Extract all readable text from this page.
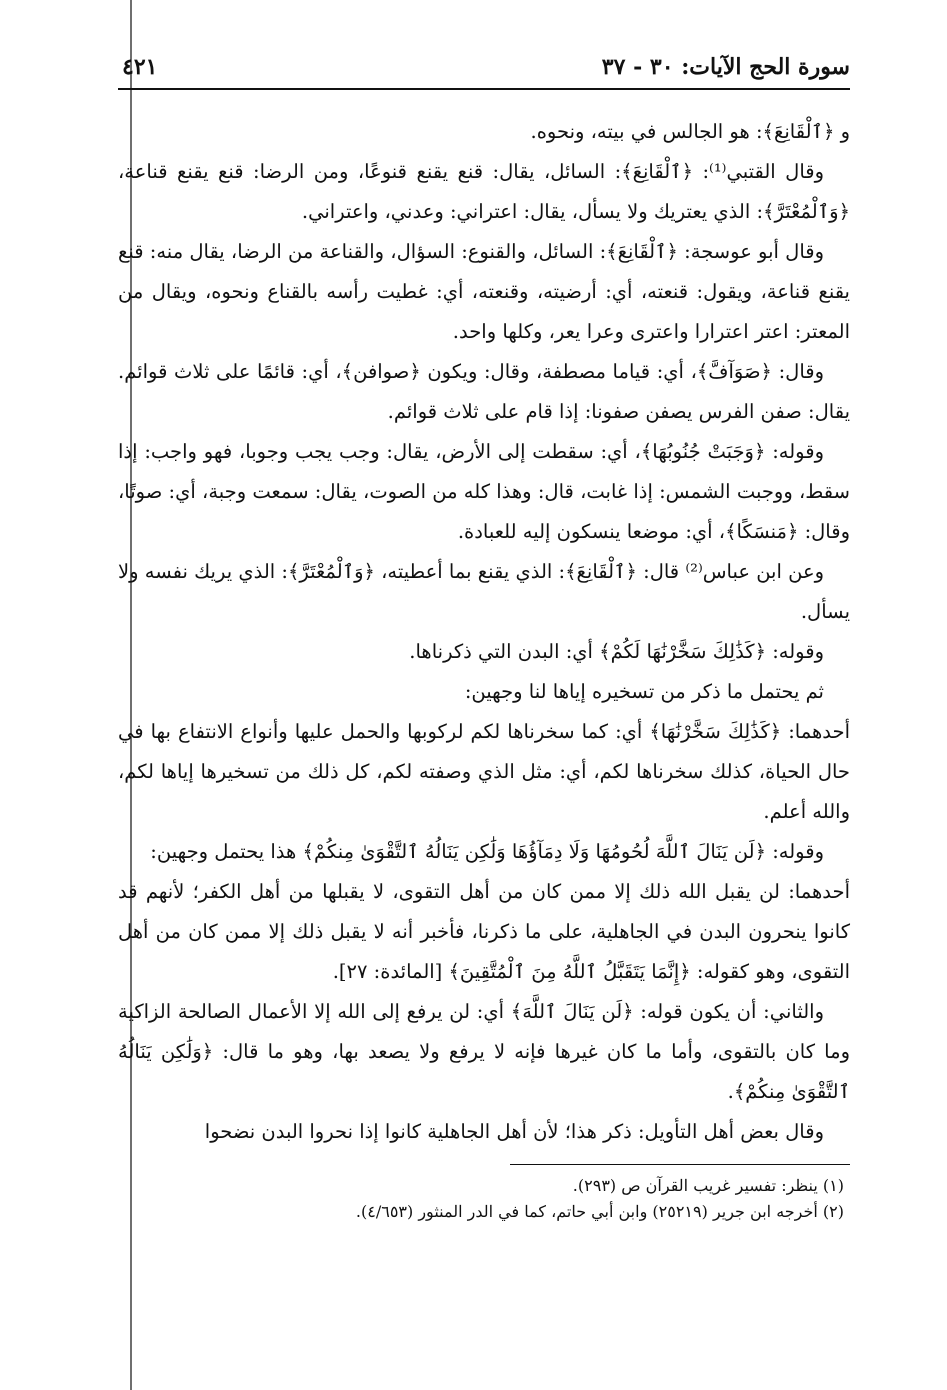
سورة الحج الآيات: ٣٠ - ٣٧
٤٢١

و ﴿ٱلْقَانِعَ﴾: هو الجالس في بيته، ونحوه.

وقال القتبي⁽¹⁾: ﴿ٱلْقَانِعَ﴾: السائل، يقال: قنع يقنع قنوعًا، ومن الرضا: قنع يقنع قناعة، ﴿وَٱلْمُعْتَرَّ﴾: الذي يعتريك ولا يسأل، يقال: اعتراني: وعدني، واعتراني.

وقال أبو عوسجة: ﴿ٱلْقَانِعَ﴾: السائل، والقنوع: السؤال، والقناعة من الرضا، يقال منه: قنع يقنع قناعة، ويقول: قنعته، أي: أرضيته، وقنعته، أي: غطيت رأسه بالقناع ونحوه، ويقال من المعتر: اعتر اعترارا واعترى وعرا يعر، وكلها واحد.

وقال: ﴿صَوَآفَّ﴾، أي: قياما مصطفة، وقال: ويكون ﴿صوافن﴾، أي: قائمًا على ثلاث قوائم. يقال: صفن الفرس يصفن صفونا: إذا قام على ثلاث قوائم.

وقوله: ﴿وَجَبَتْ جُنُوبُهَا﴾، أي: سقطت إلى الأرض، يقال: وجب يجب وجوبا، فهو واجب: إذا سقط، ووجبت الشمس: إذا غابت، قال: وهذا كله من الصوت، يقال: سمعت وجبة، أي: صوتًا، وقال: ﴿مَنسَكًا﴾، أي: موضعا ينسكون إليه للعبادة.

وعن ابن عباس⁽²⁾ قال: ﴿ٱلْقَانِعَ﴾: الذي يقنع بما أعطيته، ﴿وَٱلْمُعْتَرَّ﴾: الذي يريك نفسه ولا يسأل.

وقوله: ﴿كَذَٰلِكَ سَخَّرْنَٰهَا لَكُمْ﴾ أي: البدن التي ذكرناها.

ثم يحتمل ما ذكر من تسخيره إياها لنا وجهين:

أحدهما: ﴿كَذَٰلِكَ سَخَّرْنَٰهَا﴾ أي: كما سخرناها لكم لركوبها والحمل عليها وأنواع الانتفاع بها في حال الحياة، كذلك سخرناها لكم، أي: مثل الذي وصفته لكم، كل ذلك من تسخيرها إياها لكم، والله أعلم.

وقوله: ﴿لَن يَنَالَ ٱللَّهَ لُحُومُهَا وَلَا دِمَآؤُهَا وَلَٰكِن يَنَالُهُ ٱلتَّقْوَىٰ مِنكُمْ﴾ هذا يحتمل وجهين:

أحدهما: لن يقبل الله ذلك إلا ممن كان من أهل التقوى، لا يقبلها من أهل الكفر؛ لأنهم قد كانوا ينحرون البدن في الجاهلية، على ما ذكرنا، فأخبر أنه لا يقبل ذلك إلا ممن كان من أهل التقوى، وهو كقوله: ﴿إِنَّمَا يَتَقَبَّلُ ٱللَّهُ مِنَ ٱلْمُتَّقِينَ﴾ [المائدة: ٢٧].

والثاني: أن يكون قوله: ﴿لَن يَنَالَ ٱللَّهَ﴾ أي: لن يرفع إلى الله إلا الأعمال الصالحة الزاكية وما كان بالتقوى، وأما ما كان غيرها فإنه لا يرفع ولا يصعد بها، وهو ما قال: ﴿وَلَٰكِن يَنَالُهُ ٱلتَّقْوَىٰ مِنكُمْ﴾.

وقال بعض أهل التأويل: ذكر هذا؛ لأن أهل الجاهلية كانوا إذا نحروا البدن نضحوا

(١) ينظر: تفسير غريب القرآن ص (٢٩٣).

(٢) أخرجه ابن جرير (٢٥٢١٩) وابن أبي حاتم، كما في الدر المنثور (٤/٦٥٣).
